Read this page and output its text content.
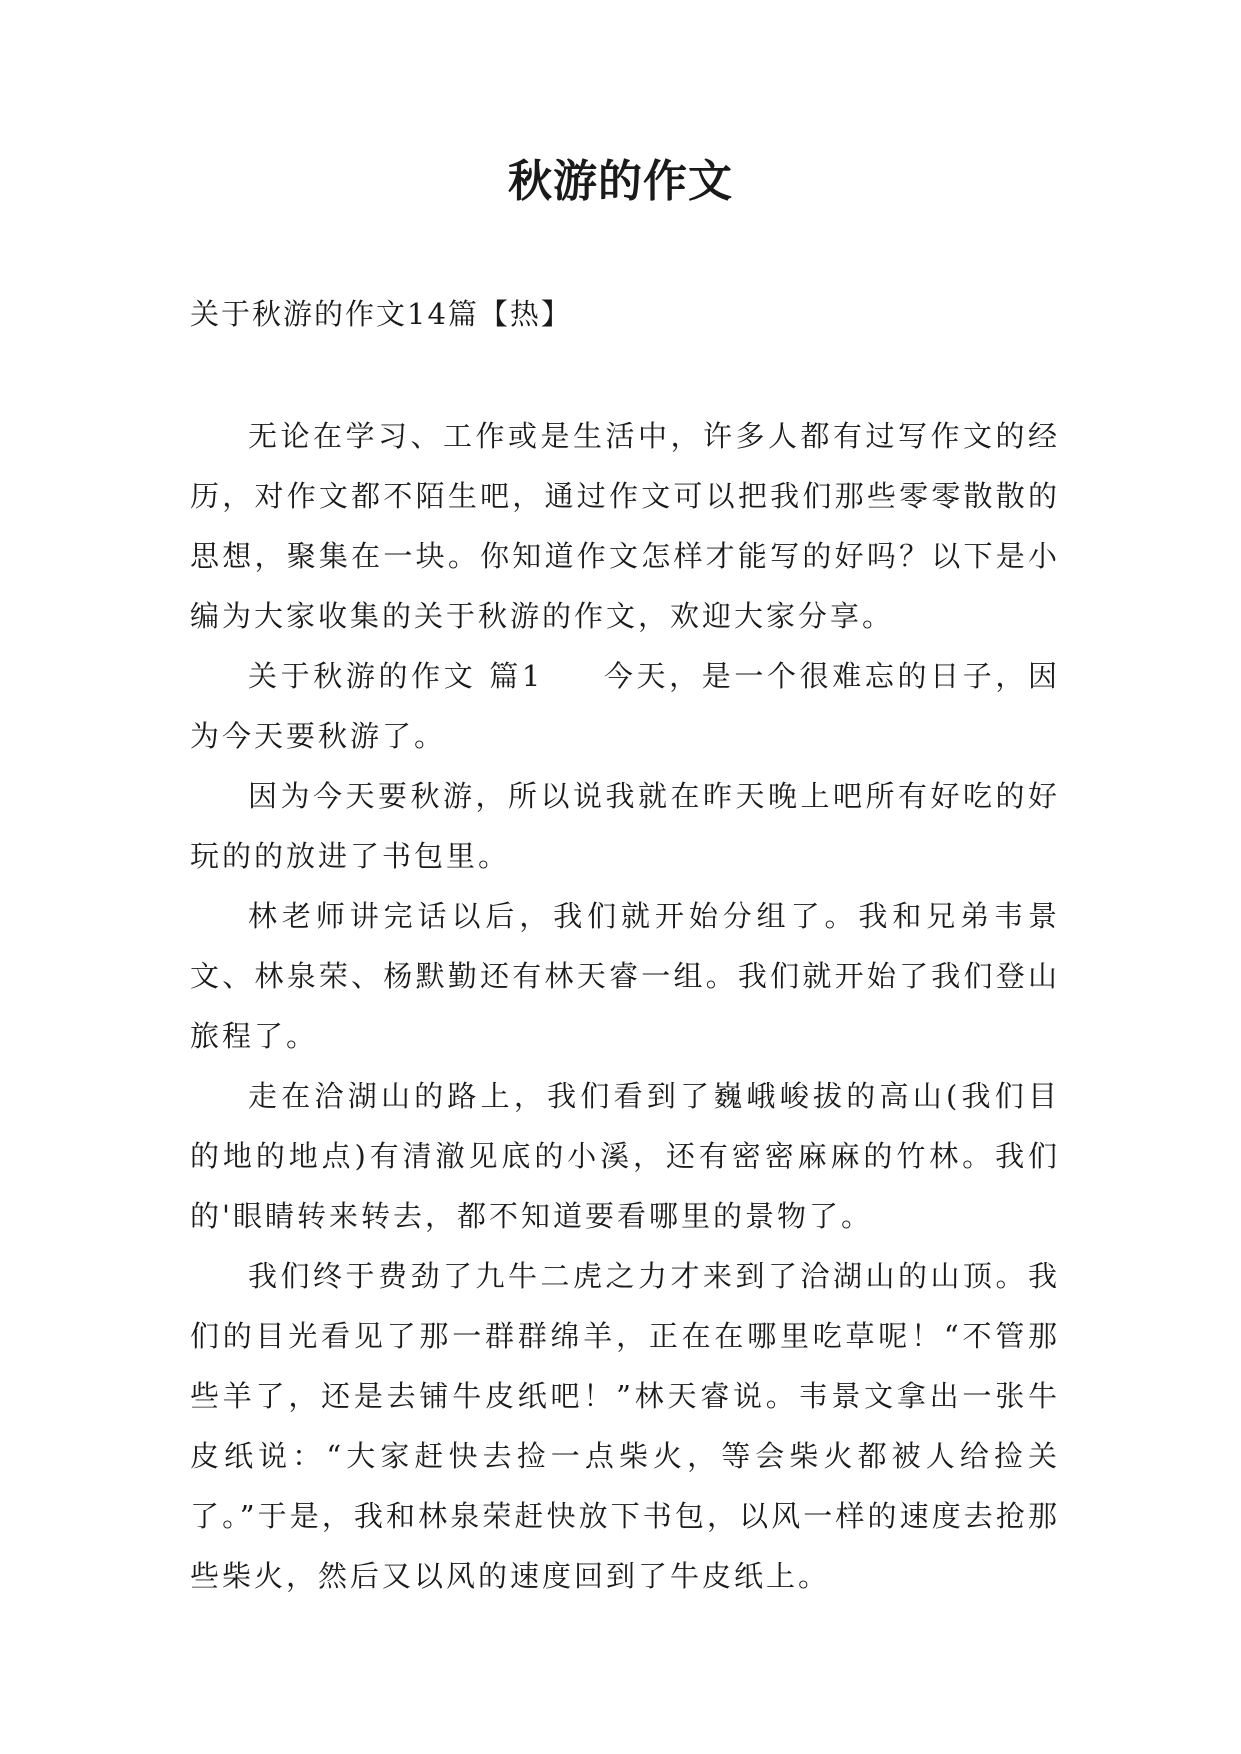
秋游的作文

关于秋游的作文14篇【热】

无论在学习、工作或是生活中，许多人都有过写作文的经历，对作文都不陌生吧，通过作文可以把我们那些零零散散的思想，聚集在一块。你知道作文怎样才能写的好吗？以下是小编为大家收集的关于秋游的作文，欢迎大家分享。

关于秋游的作文 篇1 今天，是一个很难忘的日子，因为今天要秋游了。

因为今天要秋游，所以说我就在昨天晚上吧所有好吃的好玩的的放进了书包里。

林老师讲完话以后，我们就开始分组了。我和兄弟韦景文、林泉荣、杨默勤还有林天睿一组。我们就开始了我们登山旅程了。

走在洽湖山的路上，我们看到了巍峨峻拔的高山(我们目的地的地点)有清澈见底的小溪，还有密密麻麻的竹林。我们的'眼睛转来转去，都不知道要看哪里的景物了。

我们终于费劲了九牛二虎之力才来到了洽湖山的山顶。我们的目光看见了那一群群绵羊，正在在哪里吃草呢！“不管那些羊了，还是去铺牛皮纸吧！”林天睿说。韦景文拿出一张牛皮纸说：“大家赶快去捡一点柴火，等会柴火都被人给捡关了。”于是，我和林泉荣赶快放下书包，以风一样的速度去抢那些柴火，然后又以风的速度回到了牛皮纸上。
